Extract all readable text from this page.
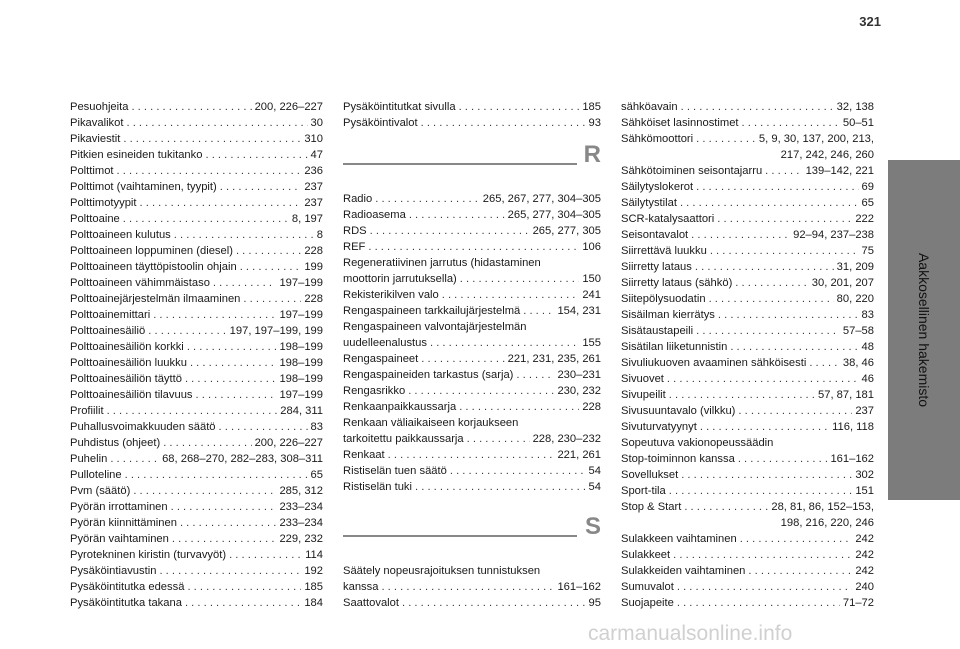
321
Aakkosellinen hakemisto
Pesuohjeita . . .	200, 226–227
Pikavalikot . . .	30
Pikaviestit . . .	310
Pitkien esineiden tukitanko . . .	47
Polttimot . . .	236
Polttimot (vaihtaminen, tyypit) . . .	237
Polttimotyypit . . .	237
Polttoaine . . .	8, 197
Polttoaineen kulutus . . .	8
Polttoaineen loppuminen (diesel) . . .	228
Polttoaineen täyttöpistoolin ohjain . . .	199
Polttoaineen vähimmäistaso . . .	197–199
Polttoainejärjestelmän ilmaaminen . . .	228
Polttoainemittari . . .	197–199
Polttoainesäiliö . . .	197, 197–199, 199
Polttoainesäiliön korkki . . .	198–199
Polttoainesäiliön luukku . . .	198–199
Polttoainesäiliön täyttö . . .	198–199
Polttoainesäiliön tilavuus . . .	197–199
Profiilit . . .	284, 311
Puhallusvoimakkuuden säätö . . .	83
Puhdistus (ohjeet) . . .	200, 226–227
Puhelin . . .	68, 268–270, 282–283, 308–311
Pulloteline . . .	65
Pvm (säätö) . . .	285, 312
Pyörän irrottaminen . . .	233–234
Pyörän kiinnittäminen . . .	233–234
Pyörän vaihtaminen . . .	229, 232
Pyrotekninen kiristin (turvavyöt) . . .	114
Pysäköintiavustin . . .	192
Pysäköintitutka edessä . . .	185
Pysäköintitutka takana . . .	184
Pysäköintitutkat sivulla . . .	185
Pysäköintivalot . . .	93
R
Radio . . .	265, 267, 277, 304–305
Radioasema . . .	265, 277, 304–305
RDS . . .	265, 277, 305
REF . . .	106
Regeneratiivinen jarrutus (hidastaminen
moottorin jarrutuksella) . . .	150
Rekisterikilven valo . . .	241
Rengaspaineen tarkkailujärjestelmä . . .	154, 231
Rengaspaineen valvontajärjestelmän
uudelleenalustus . . .	155
Rengaspaineet . . .	221, 231, 235, 261
Rengaspaineiden tarkastus (sarja) . . .	230–231
Rengasrikko . . .	230, 232
Renkaanpaikkaussarja . . .	228
Renkaan väliaikaiseen korjaukseen
tarkoitettu paikkaussarja . . .	228, 230–232
Renkaat . . .	221, 261
Ristiselän tuen säätö . . .	54
Ristiselän tuki . . .	54
S
Säätely nopeusrajoituksen tunnistuksen
kanssa . . .	161–162
Saattovalot . . .	95
sähköavain . . .	32, 138
Sähköiset lasinnostimet . . .	50–51
Sähkömoottori . . .	5, 9, 30, 137, 200, 213,
217, 242, 246, 260
Sähkötoiminen seisontajarru . . .	139–142, 221
Säilytyslokerot . . .	69
Säilytystilat . . .	65
SCR-katalysaattori . . .	222
Seisontavalot . . .	92–94, 237–238
Siirrettävä luukku . . .	75
Siirretty lataus . . .	31, 209
Siirretty lataus (sähkö) . . .	30, 201, 207
Siitepölysuodatin . . .	80, 220
Sisäilman kierrätys . . .	83
Sisätaustapeili . . .	57–58
Sisätilan liiketunnistin . . .	48
Sivuliukuoven avaaminen sähköisesti . . .	38, 46
Sivuovet . . .	46
Sivupeilit . . .	57, 87, 181
Sivusuuntavalo (vilkku) . . .	237
Sivuturvatyynyt . . .	116, 118
Sopeutuva vakionopeussäädin
Stop-toiminnon kanssa . . .	161–162
Sovellukset . . .	302
Sport-tila . . .	151
Stop & Start . . .	28, 81, 86, 152–153,
198, 216, 220, 246
Sulakkeen vaihtaminen . . .	242
Sulakkeet . . .	242
Sulakkeiden vaihtaminen . . .	242
Sumuvalot . . .	240
Suojapeite . . .	71–72
carmanualsonline.info
